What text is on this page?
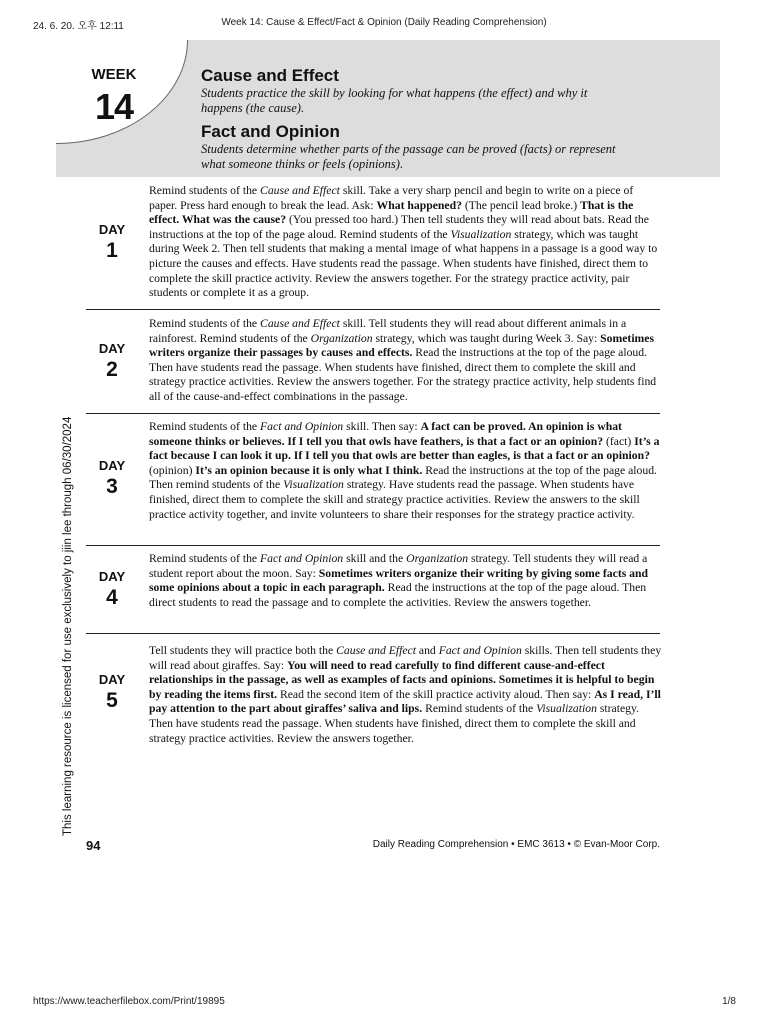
24. 6. 20. 오후 12:11	Week 14: Cause & Effect/Fact & Opinion (Daily Reading Comprehension)
WEEK
14
Cause and Effect
Students practice the skill by looking for what happens (the effect) and why it happens (the cause).
Fact and Opinion
Students determine whether parts of the passage can be proved (facts) or represent what someone thinks or feels (opinions).
DAY
1
Remind students of the Cause and Effect skill. Take a very sharp pencil and begin to write on a piece of paper. Press hard enough to break the lead. Ask: What happened? (The pencil lead broke.) That is the effect. What was the cause? (You pressed too hard.) Then tell students they will read about bats. Read the instructions at the top of the page aloud. Remind students of the Visualization strategy, which was taught during Week 2. Then tell students that making a mental image of what happens in a passage is a good way to picture the causes and effects. Have students read the passage. When students have finished, direct them to complete the skill practice activity. Review the answers together. For the strategy practice activity, pair students or complete it as a group.
DAY
2
Remind students of the Cause and Effect skill. Tell students they will read about different animals in a rainforest. Remind students of the Organization strategy, which was taught during Week 3. Say: Sometimes writers organize their passages by causes and effects. Read the instructions at the top of the page aloud. Then have students read the passage. When students have finished, direct them to complete the skill and strategy practice activities. Review the answers together. For the strategy practice activity, help students find all of the cause-and-effect combinations in the passage.
DAY
3
Remind students of the Fact and Opinion skill. Then say: A fact can be proved. An opinion is what someone thinks or believes. If I tell you that owls have feathers, is that a fact or an opinion? (fact) It’s a fact because I can look it up. If I tell you that owls are better than eagles, is that a fact or an opinion? (opinion) It’s an opinion because it is only what I think. Read the instructions at the top of the page aloud. Then remind students of the Visualization strategy. Have students read the passage. When students have finished, direct them to complete the skill and strategy practice activities. Review the answers to the skill practice activity together, and invite volunteers to share their responses for the strategy practice activity.
DAY
4
Remind students of the Fact and Opinion skill and the Organization strategy. Tell students they will read a student report about the moon. Say: Sometimes writers organize their writing by giving some facts and some opinions about a topic in each paragraph. Read the instructions at the top of the page aloud. Then direct students to read the passage and to complete the activities. Review the answers together.
DAY
5
Tell students they will practice both the Cause and Effect and Fact and Opinion skills. Then tell students they will read about giraffes. Say: You will need to read carefully to find different cause-and-effect relationships in the passage, as well as examples of facts and opinions. Sometimes it is helpful to begin by reading the items first. Read the second item of the skill practice activity aloud. Then say: As I read, I’ll pay attention to the part about giraffes’ saliva and lips. Remind students of the Visualization strategy. Then have students read the passage. When students have finished, direct them to complete the skill and strategy practice activities. Review the answers together.
This learning resource is licensed for use exclusively to jiin lee through 06/30/2024
94	Daily Reading Comprehension • EMC 3613 • © Evan-Moor Corp.
https://www.teacherfilebox.com/Print/19895	1/8
